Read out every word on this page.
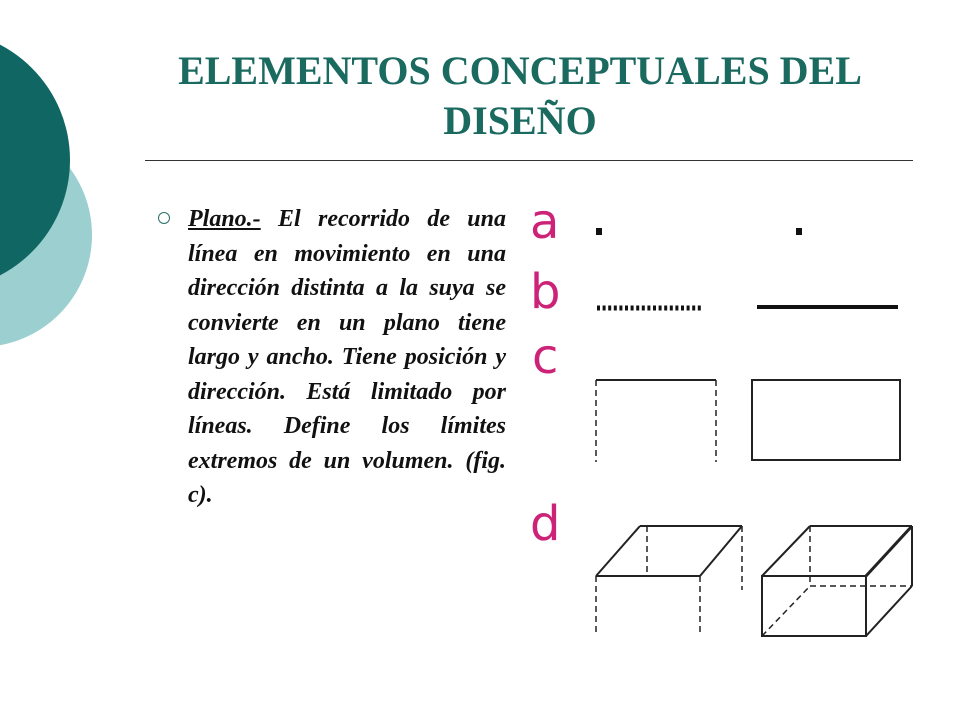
ELEMENTOS CONCEPTUALES DEL DISEÑO

Plano.- El recorrido de una línea en movimiento en una dirección distinta a la suya se convierte en un plano tiene largo y ancho. Tiene posición y dirección. Está limitado por líneas. Define los límites extremos de un volumen. (fig. c).

a
b
c
d
